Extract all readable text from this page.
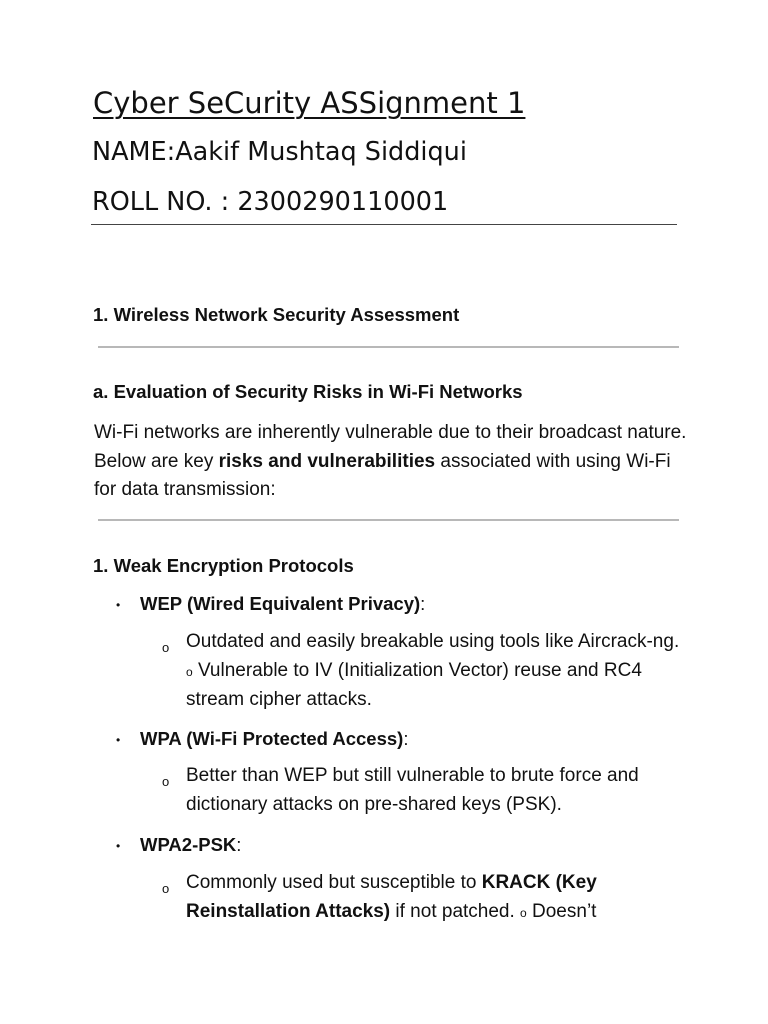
Cyber SeCurity ASSignment 1
NAME:Aakif Mushtaq Siddiqui
ROLL NO. : 2300290110001
1. Wireless Network Security Assessment
a. Evaluation of Security Risks in Wi-Fi Networks
Wi-Fi networks are inherently vulnerable due to their broadcast nature. Below are key risks and vulnerabilities associated with using Wi-Fi for data transmission:
1. Weak Encryption Protocols
• WEP (Wired Equivalent Privacy):
o Outdated and easily breakable using tools like Aircrack-ng. o Vulnerable to IV (Initialization Vector) reuse and RC4 stream cipher attacks.
• WPA (Wi-Fi Protected Access):
o Better than WEP but still vulnerable to brute force and dictionary attacks on pre-shared keys (PSK).
• WPA2-PSK:
o Commonly used but susceptible to KRACK (Key Reinstallation Attacks) if not patched. o Doesn’t
